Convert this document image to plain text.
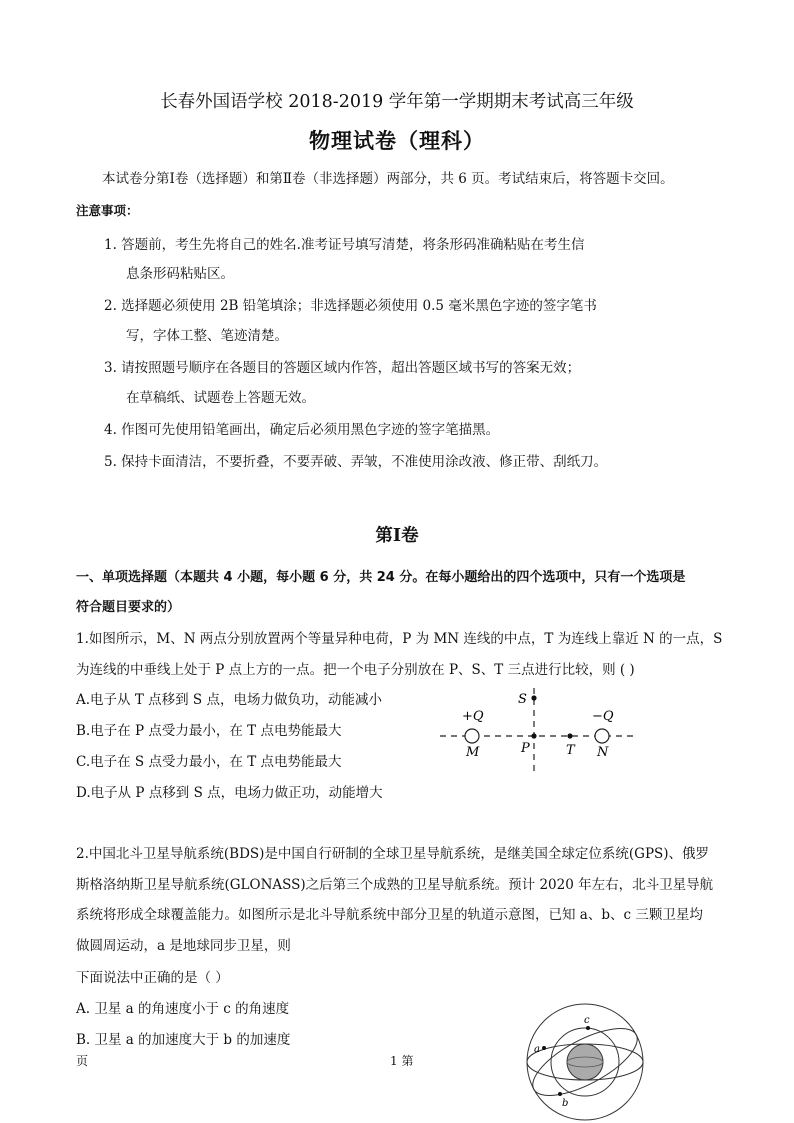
长春外国语学校 2018-2019 学年第一学期期末考试高三年级
物理试卷（理科）
本试卷分第Ⅰ卷（选择题）和第Ⅱ卷（非选择题）两部分，共 6 页。考试结束后，将答题卡交回。
注意事项：
1. 答题前，考生先将自己的姓名.准考证号填写清楚，将条形码准确粘贴在考生信
息条形码粘贴区。
2. 选择题必须使用 2B 铅笔填涂；非选择题必须使用 0.5 毫米黑色字迹的签字笔书
写，字体工整、笔迹清楚。
3. 请按照题号顺序在各题目的答题区域内作答，超出答题区域书写的答案无效；
在草稿纸、试题卷上答题无效。
4. 作图可先使用铅笔画出，确定后必须用黑色字迹的签字笔描黑。
5. 保持卡面清洁，不要折叠，不要弄破、弄皱，不准使用涂改液、修正带、刮纸刀。
第Ⅰ卷
一、单项选择题（本题共 4 小题，每小题 6 分，共 24 分。在每小题给出的四个选项中，只有一个选项是
符合题目要求的）
1.如图所示，M、N 两点分别放置两个等量异种电荷，P 为 MN 连线的中点，T 为连线上靠近 N 的一点，S
为连线的中垂线上处于 P 点上方的一点。把一个电子分别放在 P、S、T 三点进行比较，则 ( )
A.电子从 T 点移到 S 点，电场力做负功，动能减小
B.电子在 P 点受力最小，在 T 点电势能最大
C.电子在 S 点受力最小，在 T 点电势能最大
D.电子从 P 点移到 S 点，电场力做正功，动能增大
+Q	−Q
M	N
P	T
S
2.中国北斗卫星导航系统(BDS)是中国自行研制的全球卫星导航系统，是继美国全球定位系统(GPS)、俄罗
斯格洛纳斯卫星导航系统(GLONASS)之后第三个成熟的卫星导航系统。预计 2020 年左右，北斗卫星导航
系统将形成全球覆盖能力。如图所示是北斗导航系统中部分卫星的轨道示意图，已知 a、b、c 三颗卫星均
做圆周运动，a 是地球同步卫星，则
下面说法中正确的是（ ）
A. 卫星 a 的角速度小于 c 的角速度
B. 卫星 a 的加速度大于 b 的加速度
a
c
b
页	1 第
